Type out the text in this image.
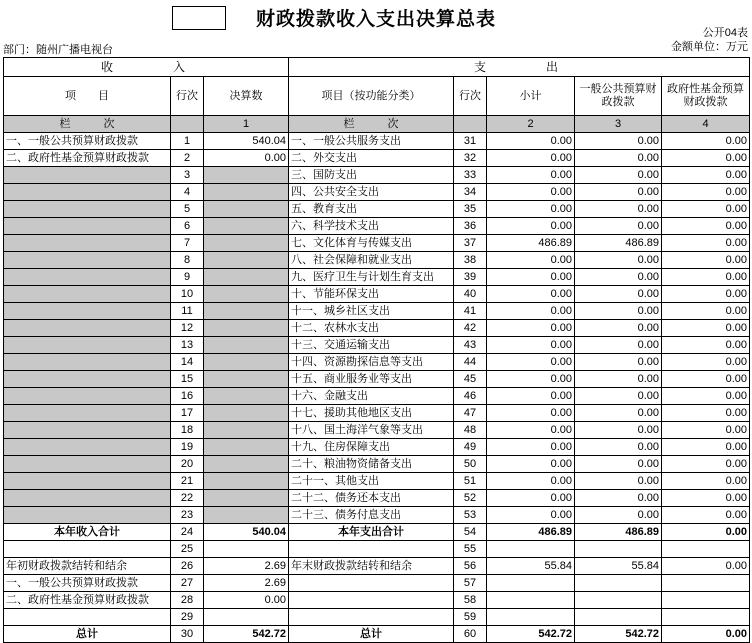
财政拨款收入支出决算总表
公开04表
金额单位：万元
部门：随州广播电视台
收　　　入			支　　　出				
项　　目	行次	决算数	项目（按功能分类）	行次	小计	一般公共预算财政拨款	政府性基金预算财政拨款
栏　　　次		1	栏　　　次		2	3	4
一、一般公共预算财政拨款	1	540.04	一、一般公共服务支出	31	0.00	0.00	0.00
二、政府性基金预算财政拨款	2	0.00	二、外交支出	32	0.00	0.00	0.00
	3		三、国防支出	33	0.00	0.00	0.00
	4		四、公共安全支出	34	0.00	0.00	0.00
	5		五、教育支出	35	0.00	0.00	0.00
	6		六、科学技术支出	36	0.00	0.00	0.00
	7		七、文化体育与传媒支出	37	486.89	486.89	0.00
	8		八、社会保障和就业支出	38	0.00	0.00	0.00
	9		九、医疗卫生与计划生育支出	39	0.00	0.00	0.00
	10		十、节能环保支出	40	0.00	0.00	0.00
	11		十一、城乡社区支出	41	0.00	0.00	0.00
	12		十二、农林水支出	42	0.00	0.00	0.00
	13		十三、交通运输支出	43	0.00	0.00	0.00
	14		十四、资源勘探信息等支出	44	0.00	0.00	0.00
	15		十五、商业服务业等支出	45	0.00	0.00	0.00
	16		十六、金融支出	46	0.00	0.00	0.00
	17		十七、援助其他地区支出	47	0.00	0.00	0.00
	18		十八、国土海洋气象等支出	48	0.00	0.00	0.00
	19		十九、住房保障支出	49	0.00	0.00	0.00
	20		二十、粮油物资储备支出	50	0.00	0.00	0.00
	21		二十一、其他支出	51	0.00	0.00	0.00
	22		二十二、债务还本支出	52	0.00	0.00	0.00
	23		二十三、债务付息支出	53	0.00	0.00	0.00
本年收入合计	24	540.04	本年支出合计	54	486.89	486.89	0.00
	25			55			
年初财政拨款结转和结余	26	2.69	年末财政拨款结转和结余	56	55.84	55.84	0.00
一、一般公共预算财政拨款	27	2.69		57			
二、政府性基金预算财政拨款	28	0.00		58			
	29			59			
总计	30	542.72	总计	60	542.72	542.72	0.00
